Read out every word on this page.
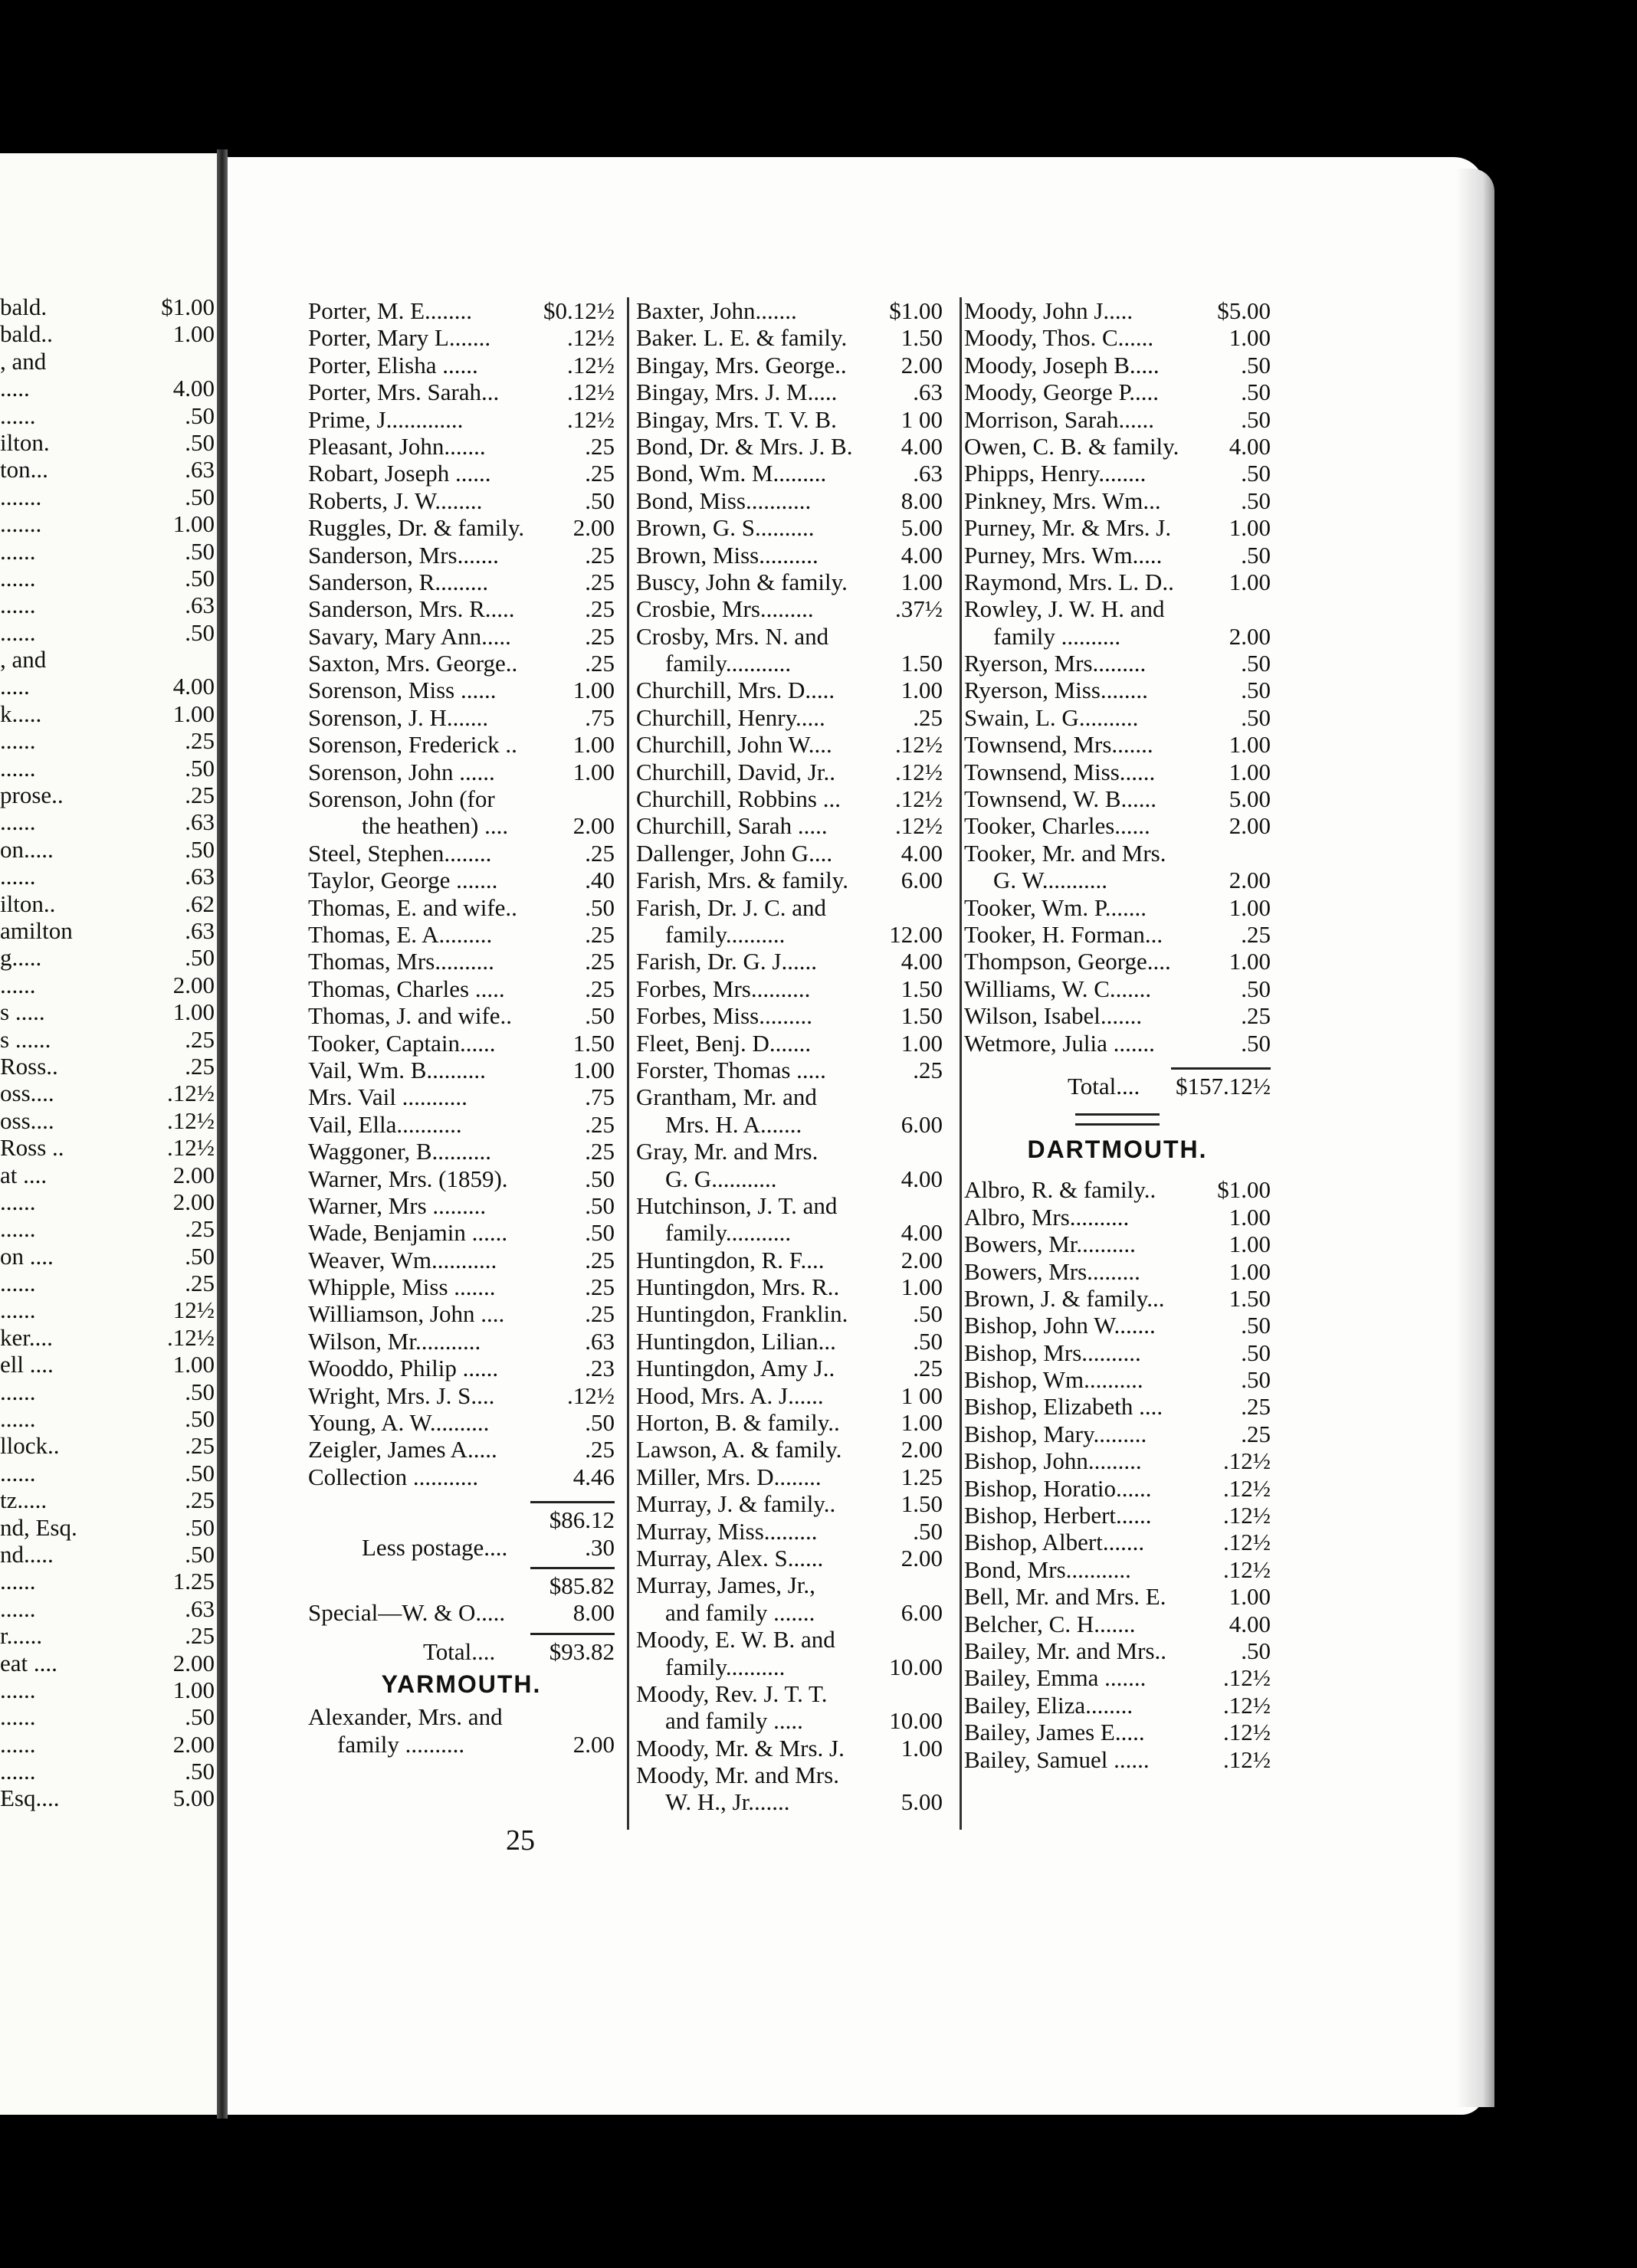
bald.	$1.00
bald..	1.00
, and
.....	4.00
......	.50
ilton.	.50
ton...	.63
.......	.50
.......	1.00
......	.50
......	.50
......	.63
......	.50
, and
.....	4.00
k.....	1.00
......	.25
......	.50
prose..	.25
......	.63
on.....	.50
......	.63
ilton..	.62
amilton	.63
g.....	.50
......	2.00
s .....	1.00
s ......	.25
Ross..	.25
oss....	.12½
oss....	.12½
Ross ..	.12½
at ....	2.00
......	2.00
......	.25
on ....	.50
......	.25
......	12½
ker....	.12½
ell ....	1.00
......	.50
......	.50
llock..	.25
......	.50
tz.....	.25
nd, Esq.	.50
nd.....	.50
......	1.25
......	.63
r......	.25
eat ....	2.00
......	1.00
......	.50
......	2.00
......	.50
Esq....	5.00
Porter, M. E........	$0.12½
Porter, Mary L.......	.12½
Porter, Elisha ......	.12½
Porter, Mrs. Sarah...	.12½
Prime, J.............	.12½
Pleasant, John.......	.25
Robart, Joseph ......	.25
Roberts, J. W........	.50
Ruggles, Dr. & family. 2.00
Sanderson, Mrs.......	.25
Sanderson, R.........	.25
Sanderson, Mrs. R.....	.25
Savary, Mary Ann.....	.25
Saxton, Mrs. George..	.25
Sorenson, Miss ......	1.00
Sorenson, J. H.......	.75
Sorenson, Frederick .. 1.00
Sorenson, John ......	1.00
Sorenson, John (for
the heathen) ....	2.00
Steel, Stephen........	.25
Taylor, George .......	.40
Thomas, E. and wife..	.50
Thomas, E. A.........	.25
Thomas, Mrs..........	.25
Thomas, Charles .....	.25
Thomas, J. and wife..	.50
Tooker, Captain......	1.50
Vail, Wm. B..........	1.00
Mrs. Vail ...........	.75
Vail, Ella...........	.25
Waggoner, B..........	.25
Warner, Mrs. (1859).	.50
Warner, Mrs .........	.50
Wade, Benjamin ......	.50
Weaver, Wm...........	.25
Whipple, Miss .......	.25
Williamson, John ....	.25
Wilson, Mr...........	.63
Wooddo, Philip ......	.23
Wright, Mrs. J. S....	.12½
Young, A. W..........	.50
Zeigler, James A.....	.25
Collection ...........	4.46
$86.12
Less postage....	.30
$85.82
Special—W. & O.....	8.00
Total.... $93.82
YARMOUTH.
Alexander, Mrs. and
family ..........	2.00
Baxter, John.......	$1.00
Baker. L. E. & family. 1.50
Bingay, Mrs. George.. 2.00
Bingay, Mrs. J. M.....	.63
Bingay, Mrs. T. V. B.	1 00
Bond, Dr. & Mrs. J. B. 4.00
Bond, Wm. M.........	.63
Bond, Miss...........	8.00
Brown, G. S..........	5.00
Brown, Miss..........	4.00
Buscy, John & family. 1.00
Crosbie, Mrs.........	.37½
Crosby, Mrs. N. and
family...........	1.50
Churchill, Mrs. D.....	1.00
Churchill, Henry.....	.25
Churchill, John W....	.12½
Churchill, David, Jr..	.12½
Churchill, Robbins ... .12½
Churchill, Sarah .....	.12½
Dallenger, John G....	4.00
Farish, Mrs. & family. 6.00
Farish, Dr. J. C. and
family..........	12.00
Farish, Dr. G. J......	4.00
Forbes, Mrs..........	1.50
Forbes, Miss.........	1.50
Fleet, Benj. D.......	1.00
Forster, Thomas .....	.25
Grantham, Mr. and
Mrs. H. A.......	6.00
Gray, Mr. and Mrs.
G. G...........	4.00
Hutchinson, J. T. and
family...........	4.00
Huntingdon, R. F....	2.00
Huntingdon, Mrs. R..	1.00
Huntingdon, Franklin.	.50
Huntingdon, Lilian...	.50
Huntingdon, Amy J..	.25
Hood, Mrs. A. J......	1 00
Horton, B. & family..	1.00
Lawson, A. & family. 2.00
Miller, Mrs. D........	1.25
Murray, J. & family..	1.50
Murray, Miss.........	.50
Murray, Alex. S......	2.00
Murray, James, Jr.,
and family .......	6.00
Moody, E. W. B. and
family..........	10.00
Moody, Rev. J. T. T.
and family .....	10.00
Moody, Mr. & Mrs. J. 1.00
Moody, Mr. and Mrs.
W. H., Jr.......	5.00
Moody, John J.....	$5.00
Moody, Thos. C......	1.00
Moody, Joseph B.....	.50
Moody, George P.....	.50
Morrison, Sarah......	.50
Owen, C. B. & family. 4.00
Phipps, Henry........	.50
Pinkney, Mrs. Wm...	.50
Purney, Mr. & Mrs. J. 1.00
Purney, Mrs. Wm.....	.50
Raymond, Mrs. L. D.. 1.00
Rowley, J. W. H. and
family ..........	2.00
Ryerson, Mrs.........	.50
Ryerson, Miss........	.50
Swain, L. G..........	.50
Townsend, Mrs.......	1.00
Townsend, Miss......	1.00
Townsend, W. B......	5.00
Tooker, Charles......	2.00
Tooker, Mr. and Mrs.
G. W...........	2.00
Tooker, Wm. P.......	1.00
Tooker, H. Forman...	.25
Thompson, George.... 1.00
Williams, W. C.......	.50
Wilson, Isabel.......	.25
Wetmore, Julia .......	.50
Total.... $157.12½
DARTMOUTH.
Albro, R. & family..	$1.00
Albro, Mrs..........	1.00
Bowers, Mr..........	1.00
Bowers, Mrs.........	1.00
Brown, J. & family...	1.50
Bishop, John W.......	.50
Bishop, Mrs..........	.50
Bishop, Wm..........	.50
Bishop, Elizabeth ....	.25
Bishop, Mary.........	.25
Bishop, John.........	.12½
Bishop, Horatio......	.12½
Bishop, Herbert......	.12½
Bishop, Albert.......	.12½
Bond, Mrs...........	.12½
Bell, Mr. and Mrs. E.	1.00
Belcher, C. H.......	4.00
Bailey, Mr. and Mrs..	.50
Bailey, Emma .......	.12½
Bailey, Eliza........	.12½
Bailey, James E.....	.12½
Bailey, Samuel ......	.12½
25
